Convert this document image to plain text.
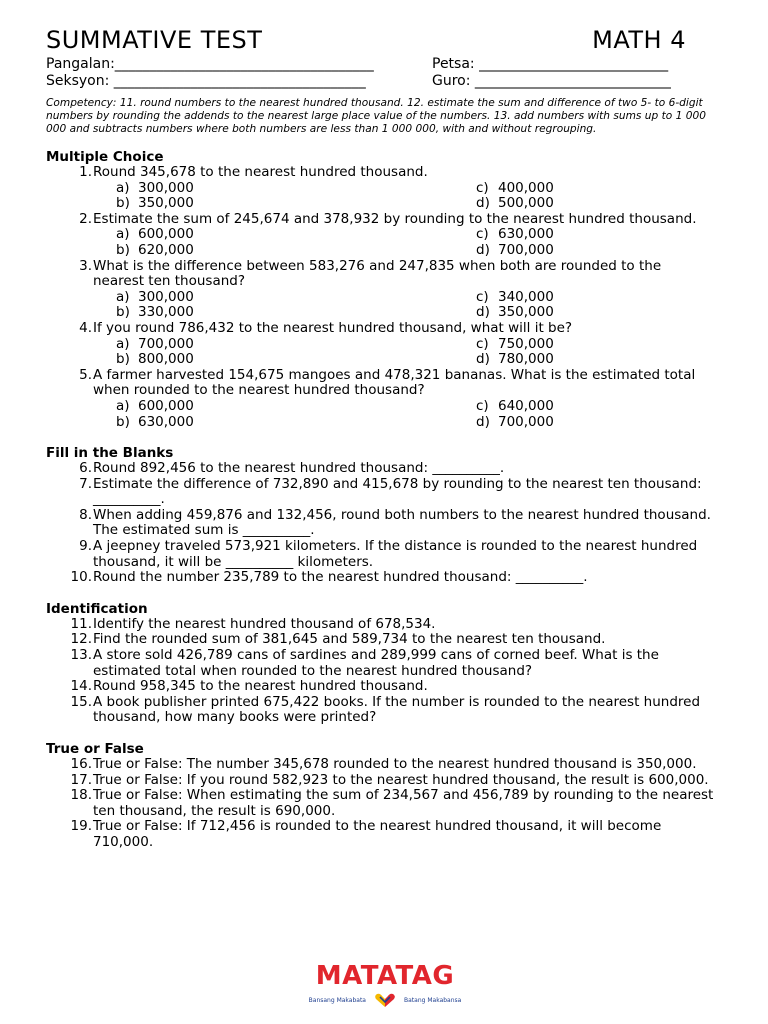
SUMMATIVE TEST	MATH 4
Pangalan:_____________________________________	Petsa: ___________________________
Seksyon: ____________________________________	Guro: ____________________________
Competency: 11. round numbers to the nearest hundred thousand. 12. estimate the sum and difference of two 5- to 6-digit numbers by rounding the addends to the nearest large place value of the numbers. 13. add numbers with sums up to 1 000 000 and subtracts numbers where both numbers are less than 1 000 000, with and without regrouping.
Multiple Choice
1. Round 345,678 to the nearest hundred thousand.
a) 300,000	c) 400,000
b) 350,000	d) 500,000
2. Estimate the sum of 245,674 and 378,932 by rounding to the nearest hundred thousand.
a) 600,000	c) 630,000
b) 620,000	d) 700,000
3. What is the difference between 583,276 and 247,835 when both are rounded to the nearest ten thousand?
a) 300,000	c) 340,000
b) 330,000	d) 350,000
4. If you round 786,432 to the nearest hundred thousand, what will it be?
a) 700,000	c) 750,000
b) 800,000	d) 780,000
5. A farmer harvested 154,675 mangoes and 478,321 bananas. What is the estimated total when rounded to the nearest hundred thousand?
a) 600,000	c) 640,000
b) 630,000	d) 700,000
Fill in the Blanks
6. Round 892,456 to the nearest hundred thousand: __________.
7. Estimate the difference of 732,890 and 415,678 by rounding to the nearest ten thousand: __________.
8. When adding 459,876 and 132,456, round both numbers to the nearest hundred thousand. The estimated sum is __________.
9. A jeepney traveled 573,921 kilometers. If the distance is rounded to the nearest hundred thousand, it will be __________ kilometers.
10. Round the number 235,789 to the nearest hundred thousand: __________.
Identification
11. Identify the nearest hundred thousand of 678,534.
12. Find the rounded sum of 381,645 and 589,734 to the nearest ten thousand.
13. A store sold 426,789 cans of sardines and 289,999 cans of corned beef. What is the estimated total when rounded to the nearest hundred thousand?
14. Round 958,345 to the nearest hundred thousand.
15. A book publisher printed 675,422 books. If the number is rounded to the nearest hundred thousand, how many books were printed?
True or False
16. True or False: The number 345,678 rounded to the nearest hundred thousand is 350,000.
17. True or False: If you round 582,923 to the nearest hundred thousand, the result is 600,000.
18. True or False: When estimating the sum of 234,567 and 456,789 by rounding to the nearest ten thousand, the result is 690,000.
19. True or False: If 712,456 is rounded to the nearest hundred thousand, it will become 710,000.
MATATAG
Bansang Makabata	Batang Makabansa
